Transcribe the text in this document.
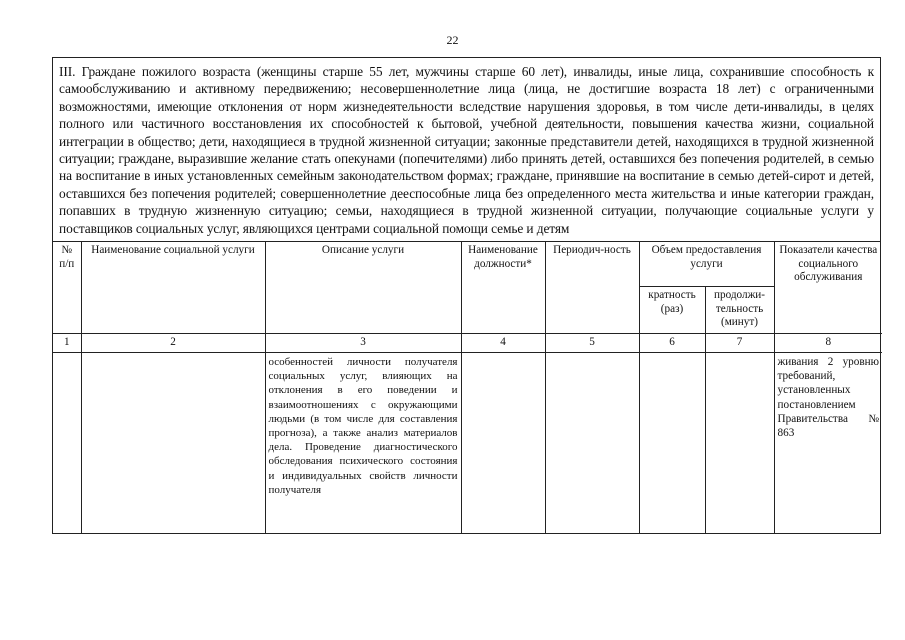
22
III. Граждане пожилого возраста (женщины старше 55 лет, мужчины старше 60 лет), инвалиды, иные лица, сохранившие способность к самообслуживанию и активному передвижению; несовершеннолетние лица (лица, не достигшие возраста 18 лет) с ограниченными возможностями, имеющие отклонения от норм жизнедеятельности вследствие нарушения здоровья, в том числе дети-инвалиды, в целях полного или частичного восстановления их способностей к бытовой, учебной деятельности, повышения качества жизни, социальной интеграции в общество; дети, находящиеся в трудной жизненной ситуации; законные представители детей, находящихся в трудной жизненной ситуации; граждане, выразившие желание стать опекунами (попечителями) либо принять детей, оставшихся без попечения родителей, в семью на воспитание в иных установленных семейным законодательством формах; граждане, принявшие на воспитание в семью детей-сирот и детей, оставшихся без попечения родителей; совершеннолетние дееспособные лица без определенного места жительства и иные категории граждан, попавших в трудную жизненную ситуацию; семьи, находящиеся в трудной жизненной ситуации, получающие социальные услуги у поставщиков социальных услуг, являющихся центрами социальной помощи семье и детям
№ п/п	Наименование социальной услуги	Описание услуги	Наименование должности*	Периодич-ность	Объем предоставления услуги		Показатели качества социального обслуживания
					кратность (раз)	продолжи-тельность (минут)	
1	2	3	4	5	6	7	8

		особенностей личности получателя социальных услуг, влияющих на отклонения в его поведении и взаимоотношениях с окружающими людьми (в том числе для составления прогноза), а также анализ материалов дела. Проведение диагностического обследования психического состояния и индивидуальных свойств личности получателя					живания 2 уровню требований, установленных постановлением Правительства № 863
